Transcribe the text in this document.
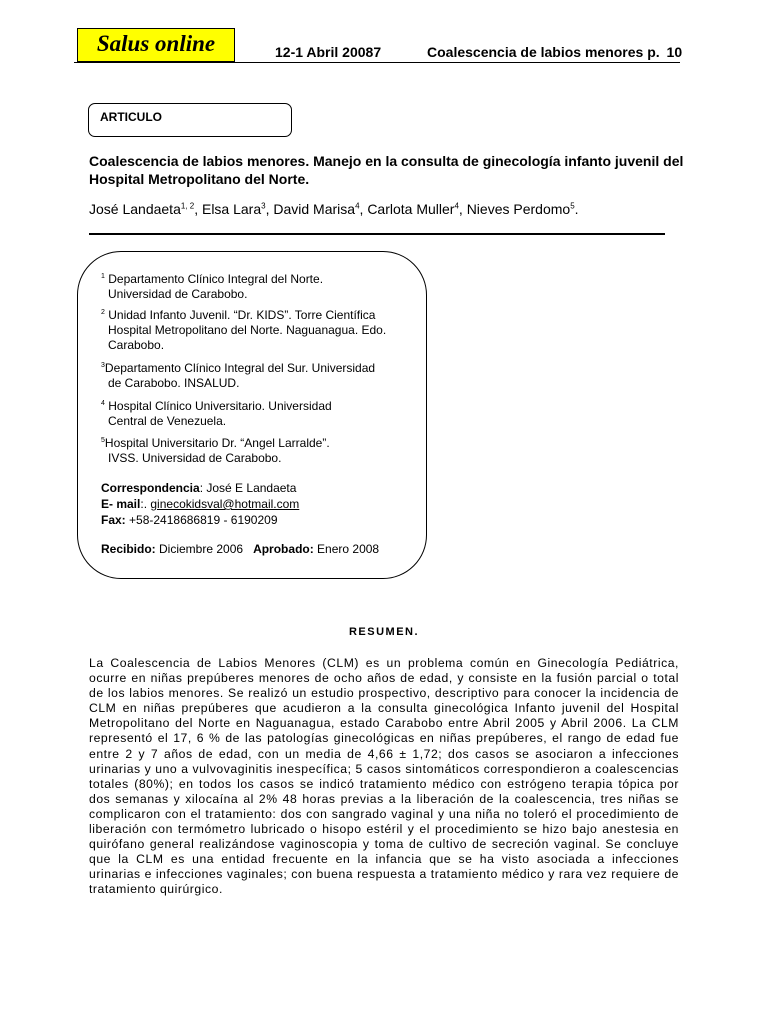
Salus online	12-1 Abril 20087	Coalescencia de labios menores p. 10
ARTICULO
Coalescencia de labios menores. Manejo en la consulta de ginecología infanto juvenil del Hospital Metropolitano del Norte.
José Landaeta$^{1, 2}$, Elsa Lara$^3$, David Marisa$^4$, Carlota Muller$^4$, Nieves Perdomo$^5$.
$^1$ Departamento Clínico Integral del Norte.
Universidad de Carabobo.
$^2$ Unidad Infanto Juvenil. “Dr. KIDS”. Torre Científica
Hospital Metropolitano del Norte. Naguanagua. Edo. Carabobo.
$^3$Departamento Clínico Integral del Sur. Universidad
de Carabobo. INSALUD.
$^4$ Hospital Clínico Universitario. Universidad
Central de Venezuela.
$^5$Hospital Universitario Dr. “Angel Larralde”.
IVSS. Universidad de Carabobo.
Correspondencia: José E Landaeta
E- mail:. ginecokidsval@hotmail.com
Fax: +58-2418686819 - 6190209
Recibido: Diciembre 2006 Aprobado: Enero 2008
RESUMEN.
La Coalescencia de Labios Menores (CLM) es un problema común en Ginecología Pediátrica, ocurre en niñas prepúberes menores de ocho años de edad, y consiste en la fusión parcial o total de los labios menores. Se realizó un estudio prospectivo, descriptivo para conocer la incidencia de CLM en niñas prepúberes que acudieron a la consulta ginecológica Infanto juvenil del Hospital Metropolitano del Norte en Naguanagua, estado Carabobo entre Abril 2005 y Abril 2006. La CLM representó el 17, 6 % de las patologías ginecológicas en niñas prepúberes, el rango de edad fue entre 2 y 7 años de edad, con un media de 4,66 ± 1,72; dos casos se asociaron a infecciones urinarias y uno a vulvovaginitis inespecífica; 5 casos sintomáticos correspondieron a coalescencias totales (80%); en todos los casos se indicó tratamiento médico con estrógeno terapia tópica por dos semanas y xilocaína al 2% 48 horas previas a la liberación de la coalescencia, tres niñas se complicaron con el tratamiento: dos con sangrado vaginal y una niña no toleró el procedimiento de liberación con termómetro lubricado o hisopo estéril y el procedimiento se hizo bajo anestesia en quirófano general realizándose vaginoscopia y toma de cultivo de secreción vaginal. Se concluye que la CLM es una entidad frecuente en la infancia que se ha visto asociada a infecciones urinarias e infecciones vaginales; con buena respuesta a tratamiento médico y rara vez requiere de tratamiento quirúrgico.
